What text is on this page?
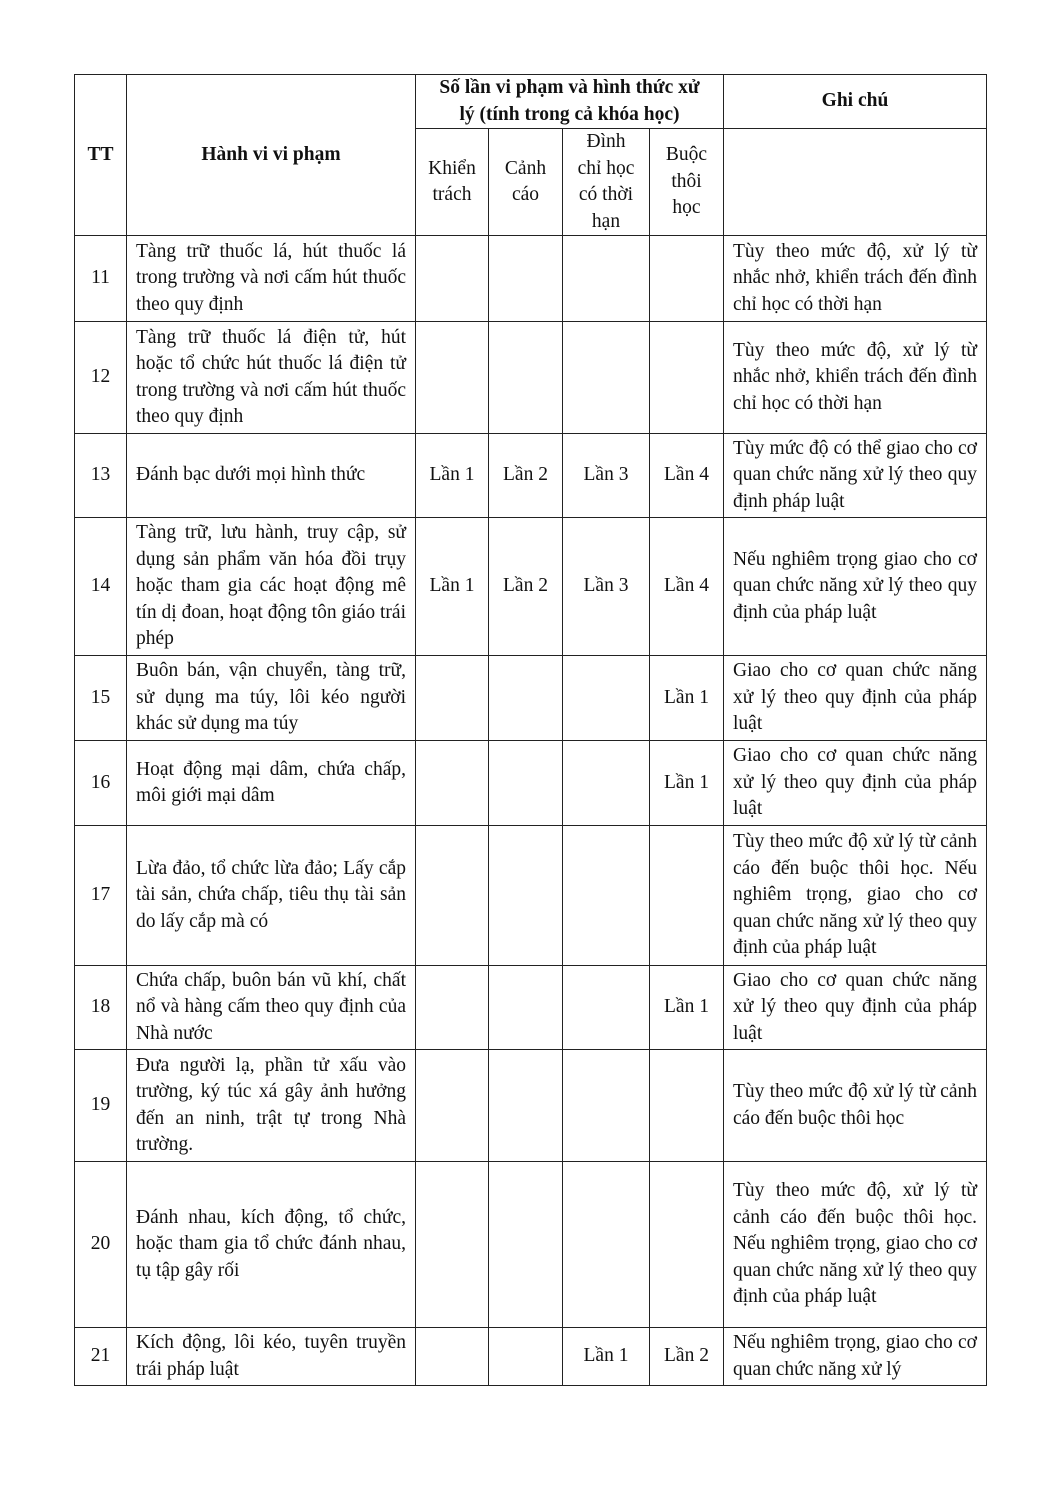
TT	Hành vi vi phạm	Số lần vi phạm và hình thức xử lý (tính trong cả khóa học)				Ghi chú
		Khiển trách	Cảnh cáo	Đình chỉ học có thời hạn	Buộc thôi học	
11	Tàng trữ thuốc lá, hút thuốc lá trong trường và nơi cấm hút thuốc theo quy định					Tùy theo mức độ, xử lý từ nhắc nhở, khiển trách đến đình chỉ học có thời hạn
12	Tàng trữ thuốc lá điện tử, hút hoặc tổ chức hút thuốc lá điện tử trong trường và nơi cấm hút thuốc theo quy định					Tùy theo mức độ, xử lý từ nhắc nhở, khiển trách đến đình chỉ học có thời hạn
13	Đánh bạc dưới mọi hình thức	Lần 1	Lần 2	Lần 3	Lần 4	Tùy mức độ có thể giao cho cơ quan chức năng xử lý theo quy định pháp luật
14	Tàng trữ, lưu hành, truy cập, sử dụng sản phẩm văn hóa đồi trụy hoặc tham gia các hoạt động mê tín dị đoan, hoạt động tôn giáo trái phép	Lần 1	Lần 2	Lần 3	Lần 4	Nếu nghiêm trọng giao cho cơ quan chức năng xử lý theo quy định của pháp luật
15	Buôn bán, vận chuyển, tàng trữ, sử dụng ma túy, lôi kéo người khác sử dụng ma túy				Lần 1	Giao cho cơ quan chức năng xử lý theo quy định của pháp luật
16	Hoạt động mại dâm, chứa chấp, môi giới mại dâm				Lần 1	Giao cho cơ quan chức năng xử lý theo quy định của pháp luật
17	Lừa đảo, tổ chức lừa đảo; Lấy cắp tài sản, chứa chấp, tiêu thụ tài sản do lấy cắp mà có					Tùy theo mức độ xử lý từ cảnh cáo đến buộc thôi học. Nếu nghiêm trọng, giao cho cơ quan chức năng xử lý theo quy định của pháp luật
18	Chứa chấp, buôn bán vũ khí, chất nổ và hàng cấm theo quy định của Nhà nước				Lần 1	Giao cho cơ quan chức năng xử lý theo quy định của pháp luật
19	Đưa người lạ, phần tử xấu vào trường, ký túc xá gây ảnh hưởng đến an ninh, trật tự trong Nhà trường.					Tùy theo mức độ xử lý từ cảnh cáo đến buộc thôi học
20	Đánh nhau, kích động, tổ chức, hoặc tham gia tổ chức đánh nhau, tụ tập gây rối					Tùy theo mức độ, xử lý từ cảnh cáo đến buộc thôi học. Nếu nghiêm trọng, giao cho cơ quan chức năng xử lý theo quy định của pháp luật
21	Kích động, lôi kéo, tuyên truyền trái pháp luật			Lần 1	Lần 2	Nếu nghiêm trọng, giao cho cơ quan chức năng xử lý
